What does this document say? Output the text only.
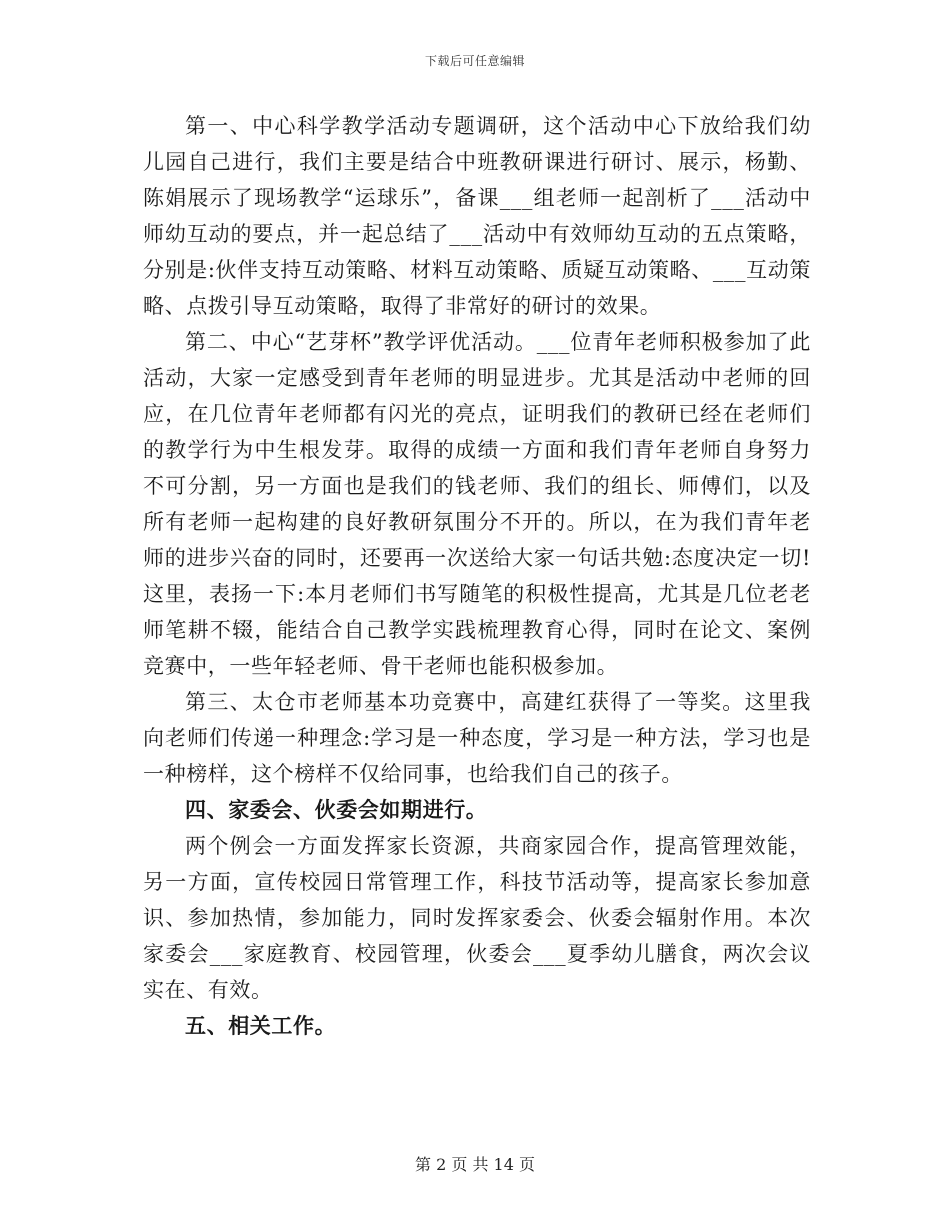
下载后可任意编辑

第一、中心科学教学活动专题调研，这个活动中心下放给我们幼儿园自己进行，我们主要是结合中班教研课进行研讨、展示，杨勤、陈娟展示了现场教学“运球乐”，备课___组老师一起剖析了___活动中师幼互动的要点，并一起总结了___活动中有效师幼互动的五点策略，分别是:伙伴支持互动策略、材料互动策略、质疑互动策略、___互动策略、点拨引导互动策略，取得了非常好的研讨的效果。

第二、中心“艺芽杯”教学评优活动。___位青年老师积极参加了此活动，大家一定感受到青年老师的明显进步。尤其是活动中老师的回应，在几位青年老师都有闪光的亮点，证明我们的教研已经在老师们的教学行为中生根发芽。取得的成绩一方面和我们青年老师自身努力不可分割，另一方面也是我们的钱老师、我们的组长、师傅们，以及所有老师一起构建的良好教研氛围分不开的。所以，在为我们青年老师的进步兴奋的同时，还要再一次送给大家一句话共勉:态度决定一切!这里，表扬一下:本月老师们书写随笔的积极性提高，尤其是几位老老师笔耕不辍，能结合自己教学实践梳理教育心得，同时在论文、案例竞赛中，一些年轻老师、骨干老师也能积极参加。

第三、太仓市老师基本功竞赛中，高建红获得了一等奖。这里我向老师们传递一种理念:学习是一种态度，学习是一种方法，学习也是一种榜样，这个榜样不仅给同事，也给我们自己的孩子。

四、家委会、伙委会如期进行。

两个例会一方面发挥家长资源，共商家园合作，提高管理效能，另一方面，宣传校园日常管理工作，科技节活动等，提高家长参加意识、参加热情，参加能力，同时发挥家委会、伙委会辐射作用。本次家委会___家庭教育、校园管理，伙委会___夏季幼儿膳食，两次会议实在、有效。

五、相关工作。

第 2 页 共 14 页
